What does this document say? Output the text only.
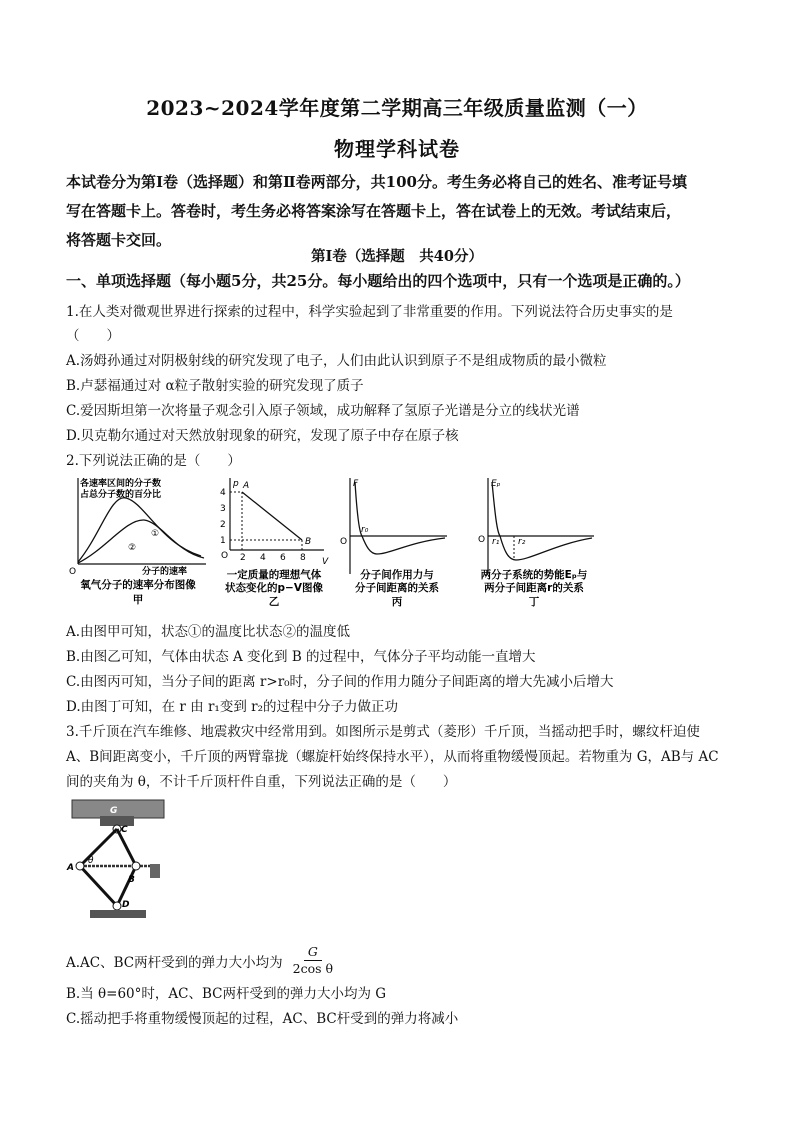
2023~2024学年度第二学期高三年级质量监测（一）
物理学科试卷
本试卷分为第Ⅰ卷（选择题）和第Ⅱ卷两部分，共100分。考生务必将自己的姓名、准考证号填
写在答题卡上。答卷时，考生务必将答案涂写在答题卡上，答在试卷上的无效。考试结束后，
将答题卡交回。
第Ⅰ卷（选择题　共40分）
一、单项选择题（每小题5分，共25分。每小题给出的四个选项中，只有一个选项是正确的。）
1.在人类对微观世界进行探索的过程中，科学实验起到了非常重要的作用。下列说法符合历史事实的是
（　　）
A.汤姆孙通过对阴极射线的研究发现了电子，人们由此认识到原子不是组成物质的最小微粒
B.卢瑟福通过对 α粒子散射实验的研究发现了质子
C.爱因斯坦第一次将量子观念引入原子领域，成功解释了氢原子光谱是分立的线状光谱
D.贝克勒尔通过对天然放射现象的研究，发现了原子中存在原子核
2.下列说法正确的是（　　）
各速率区间的分子数
占总分子数的百分比
①
②
O	分子的速率
氧气分子的速率分布图像
甲
p
V
O
4
3
2
1
2 4 6 8
A
B
一定质量的理想气体
状态变化的p−V图像
乙
F
O
r₀
分子间作用力与
分子间距离的关系
丙
Eₚ
O r₁ r₂
两分子系统的势能Eₚ与
两分子间距离r的关系
丁
A.由图甲可知，状态①的温度比状态②的温度低
B.由图乙可知，气体由状态 A 变化到 B 的过程中，气体分子平均动能一直增大
C.由图丙可知，当分子间的距离 r>r₀时，分子间的作用力随分子间距离的增大先减小后增大
D.由图丁可知，在 r 由 r₁变到 r₂的过程中分子力做正功
3.千斤顶在汽车维修、地震救灾中经常用到。如图所示是剪式（菱形）千斤顶，当摇动把手时，螺纹杆迫使
A、B间距离变小，千斤顶的两臂靠拢（螺旋杆始终保持水平），从而将重物缓慢顶起。若物重为 G，AB与 AC
间的夹角为 θ，不计千斤顶杆件自重，下列说法正确的是（　　）
G
C
A
θ
B
D
A.AC、BC两杆受到的弹力大小均为 $\frac{G}{\text{2cos θ}}$
B.当 θ=60°时，AC、BC两杆受到的弹力大小均为 G
C.摇动把手将重物缓慢顶起的过程，AC、BC杆受到的弹力将减小
